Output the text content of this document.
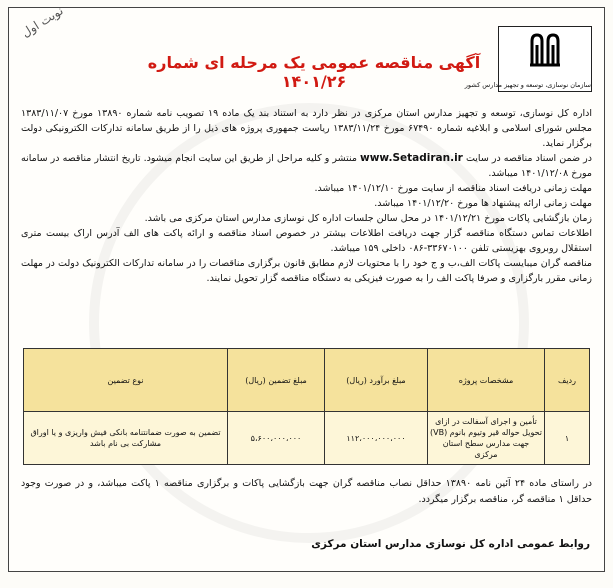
نوبت اول
سازمان نوسازی، توسعه و تجهیز مدارس کشور
آگهی مناقصه عمومی یک مرحله ای شماره ۱۴۰۱/۲۶

اداره کل نوسازی، توسعه و تجهیز مدارس استان مرکزی در نظر دارد به استناد بند یک ماده ۱۹ تصویب نامه شماره ۱۳۸۹۰ مورخ ۱۳۸۳/۱۱/۰۷ مجلس شورای اسلامی و ابلاغیه شماره ۶۷۴۹۰ مورخ ۱۳۸۳/۱۱/۲۴ ریاست جمهوری پروژه های ذیل را از طریق سامانه تدارکات الکترونیکی دولت برگزار نماید.

در ضمن اسناد مناقصه در سایت www.Setadiran.ir منتشر و کلیه مراحل از طریق این سایت انجام میشود. تاریخ انتشار مناقصه در سامانه مورخ ۱۴۰۱/۱۲/۰۸ میباشد.

مهلت زمانی دریافت اسناد مناقصه از سایت مورخ ۱۴۰۱/۱۲/۱۰ میباشد.

مهلت زمانی ارائه پیشنهاد ها مورخ ۱۴۰۱/۱۲/۲۰ میباشد.

زمان بازگشایی پاکات مورخ ۱۴۰۱/۱۲/۲۱ در محل سالن جلسات اداره کل نوسازی مدارس استان مرکزی می باشد.

اطلاعات تماس دستگاه مناقصه گزار جهت دریافت اطلاعات بیشتر در خصوص اسناد مناقصه و ارائه پاکت های الف آدرس اراک بیست متری استقلال روبروی بهزیستی تلفن ۳۳۶۷۰۱۰۰-۰۸۶ داخلی ۱۵۹ میباشد.

مناقصه گران میبایست پاکات الف،ب و ج خود را با محتویات لازم مطابق قانون برگزاری مناقصات را در سامانه تدارکات الکترونیک دولت در مهلت زمانی مقرر بارگزاری و صرفا پاکت الف را به صورت فیزیکی به دستگاه مناقصه گزار تحویل نمایند.

ردیف	مشخصات پروژه	مبلغ برآورد (ریال)	مبلغ تضمین (ریال)	نوع تضمین
۱	تأمین و اجرای آسفالت در ازای تحویل حواله قیر وتیوم بانوم (VB) جهت مدارس سطح استان مرکزی	۱۱۲،۰۰۰،۰۰۰،۰۰۰	۵،۶۰۰،۰۰۰،۰۰۰	تضمین به صورت ضمانتنامه بانکی فیش واریزی و یا اوراق مشارکت بی نام باشد
در راستای ماده ۲۴ آئین نامه ۱۳۸۹۰ حداقل نصاب مناقصه گران جهت بازگشایی پاکات و برگزاری مناقصه ۱ پاکت میباشد، و در صورت وجود حداقل ۱ مناقصه گر، مناقصه برگزار میگردد.
روابط عمومی اداره کل نوسازی مدارس استان مرکزی
